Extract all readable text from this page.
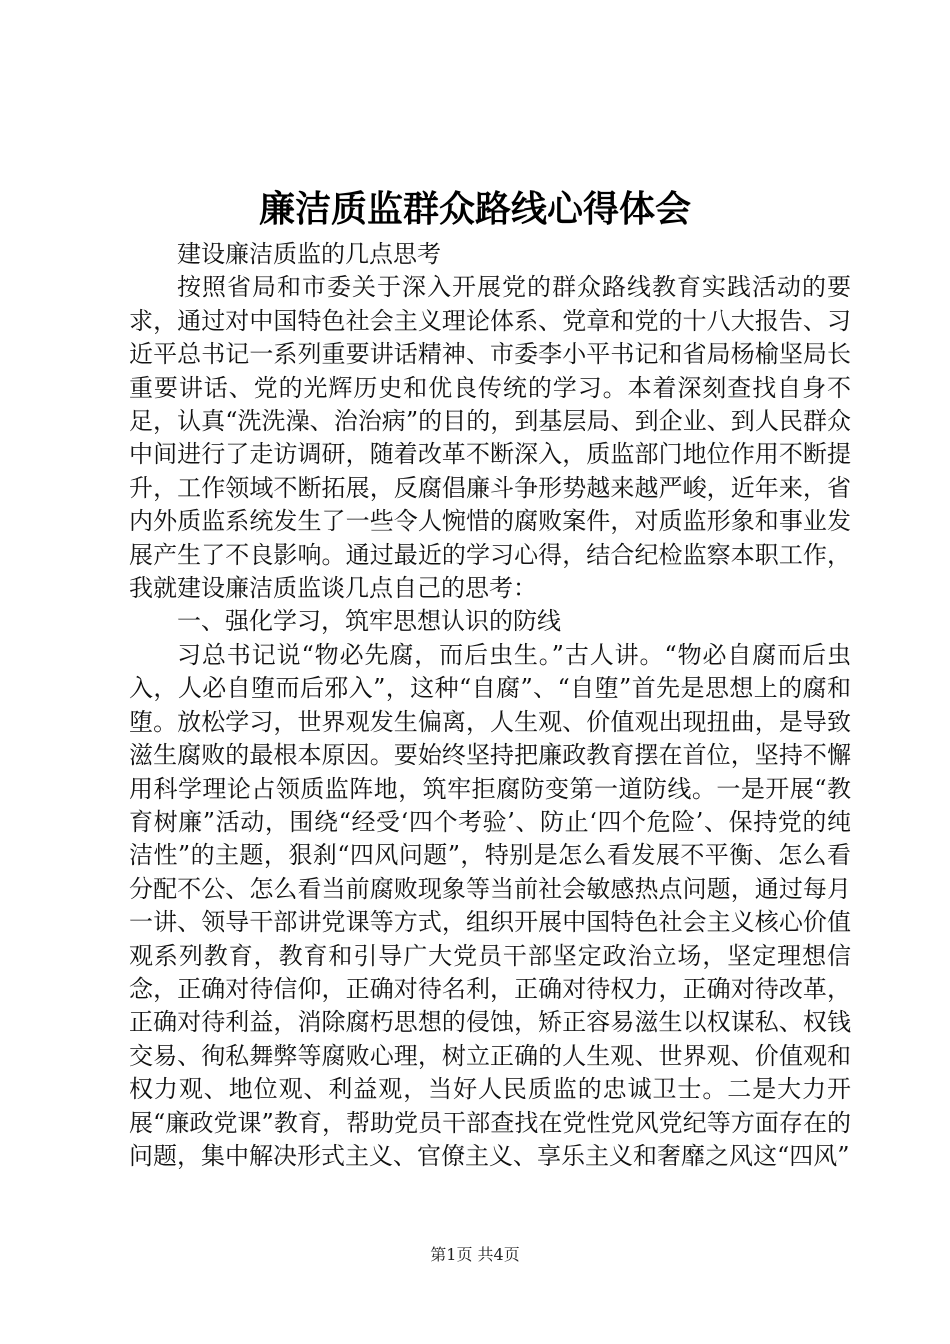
廉洁质监群众路线心得体会

建设廉洁质监的几点思考

按照省局和市委关于深入开展党的群众路线教育实践活动的要求，通过对中国特色社会主义理论体系、党章和党的十八大报告、习近平总书记一系列重要讲话精神、市委李小平书记和省局杨榆坚局长重要讲话、党的光辉历史和优良传统的学习。本着深刻查找自身不足，认真“洗洗澡、治治病”的目的，到基层局、到企业、到人民群众中间进行了走访调研，随着改革不断深入，质监部门地位作用不断提升，工作领域不断拓展，反腐倡廉斗争形势越来越严峻，近年来，省内外质监系统发生了一些令人惋惜的腐败案件，对质监形象和事业发展产生了不良影响。通过最近的学习心得，结合纪检监察本职工作，我就建设廉洁质监谈几点自己的思考：

一、强化学习，筑牢思想认识的防线

习总书记说“物必先腐，而后虫生。”古人讲。“物必自腐而后虫入，人必自堕而后邪入”，这种“自腐”、“自堕”首先是思想上的腐和堕。放松学习，世界观发生偏离，人生观、价值观出现扭曲，是导致滋生腐败的最根本原因。要始终坚持把廉政教育摆在首位，坚持不懈用科学理论占领质监阵地，筑牢拒腐防变第一道防线。一是开展“教育树廉”活动，围绕“经受‘四个考验’、防止‘四个危险’、保持党的纯洁性”的主题，狠刹“四风问题”，特别是怎么看发展不平衡、怎么看分配不公、怎么看当前腐败现象等当前社会敏感热点问题，通过每月一讲、领导干部讲党课等方式，组织开展中国特色社会主义核心价值观系列教育，教育和引导广大党员干部坚定政治立场，坚定理想信念，正确对待信仰，正确对待名利，正确对待权力，正确对待改革，正确对待利益，消除腐朽思想的侵蚀，矫正容易滋生以权谋私、权钱交易、徇私舞弊等腐败心理，树立正确的人生观、世界观、价值观和权力观、地位观、利益观，当好人民质监的忠诚卫士。二是大力开展“廉政党课”教育，帮助党员干部查找在党性党风党纪等方面存在的问题，集中解决形式主义、官僚主义、享乐主义和奢靡之风这“四风”

第1页 共4页
